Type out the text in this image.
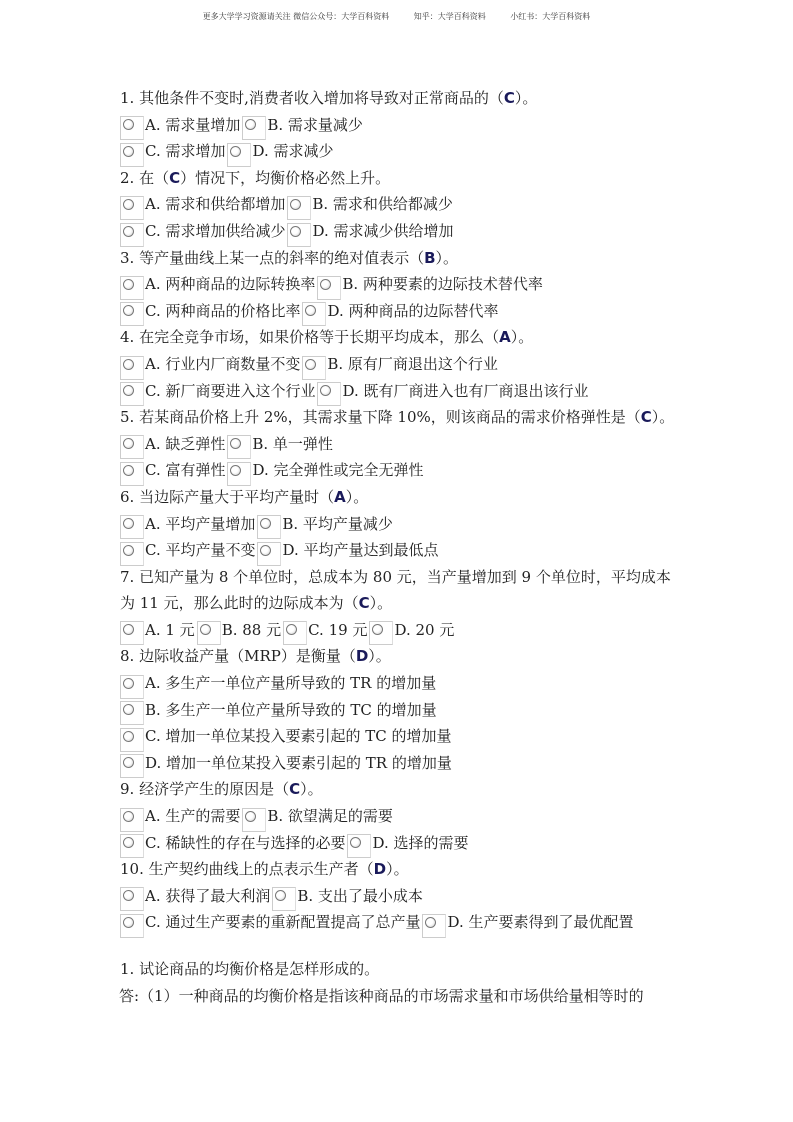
更多大学学习资源请关注 微信公众号：大学百科资料	知乎：大学百科资料	小红书：大学百科资料
1. 其他条件不变时,消费者收入增加将导致对正常商品的（C）。
A. 需求量增加 B. 需求量减少
C. 需求增加 D. 需求减少
2. 在（C）情况下，均衡价格必然上升。
A. 需求和供给都增加 B. 需求和供给都减少
C. 需求增加供给减少 D. 需求减少供给增加
3. 等产量曲线上某一点的斜率的绝对值表示（B）。
A. 两种商品的边际转换率 B. 两种要素的边际技术替代率
C. 两种商品的价格比率 D. 两种商品的边际替代率
4. 在完全竞争市场，如果价格等于长期平均成本，那么（A）。
A. 行业内厂商数量不变 B. 原有厂商退出这个行业
C. 新厂商要进入这个行业 D. 既有厂商进入也有厂商退出该行业
5. 若某商品价格上升 2%，其需求量下降 10%，则该商品的需求价格弹性是（C）。
A. 缺乏弹性 B. 单一弹性
C. 富有弹性 D. 完全弹性或完全无弹性
6. 当边际产量大于平均产量时（A）。
A. 平均产量增加 B. 平均产量减少
C. 平均产量不变 D. 平均产量达到最低点
7. 已知产量为 8 个单位时，总成本为 80 元，当产量增加到 9 个单位时，平均成本为 11 元，那么此时的边际成本为（C）。
A. 1 元 B. 88 元 C. 19 元 D. 20 元
8. 边际收益产量（MRP）是衡量（D）。
A. 多生产一单位产量所导致的 TR 的增加量
B. 多生产一单位产量所导致的 TC 的增加量
C. 增加一单位某投入要素引起的 TC 的增加量
D. 增加一单位某投入要素引起的 TR 的增加量
9. 经济学产生的原因是（C）。
A. 生产的需要 B. 欲望满足的需要
C. 稀缺性的存在与选择的必要 D. 选择的需要
10. 生产契约曲线上的点表示生产者（D）。
A. 获得了最大利润 B. 支出了最小成本
C. 通过生产要素的重新配置提高了总产量 D. 生产要素得到了最优配置
1. 试论商品的均衡价格是怎样形成的。
答:（1）一种商品的均衡价格是指该种商品的市场需求量和市场供给量相等时的
